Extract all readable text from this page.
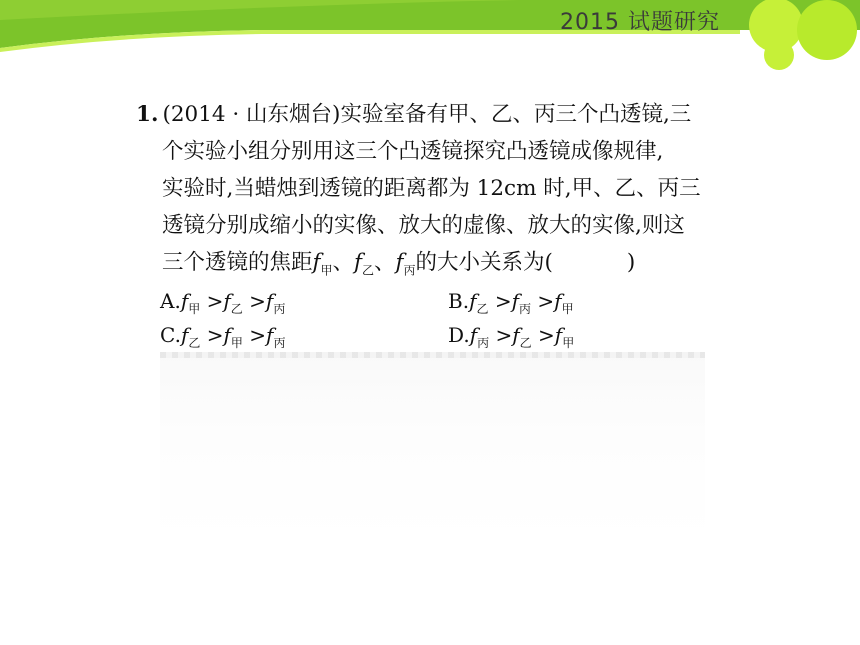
2015 试题研究
1. (2014 · 山东烟台)实验室备有甲、乙、丙三个凸透镜,三
个实验小组分别用这三个凸透镜探究凸透镜成像规律,
实验时,当蜡烛到透镜的距离都为 12cm 时,甲、乙、丙三
透镜分别成缩小的实像、放大的虚像、放大的实像,则这
三个透镜的焦距$f_甲$、$f_乙$、$f_丙$的大小关系为(	)
$A.f_甲 >f_乙 >f_丙$	$B.f_乙 >f_丙 >f_甲$
$C.f_乙 >f_甲 >f_丙$	$D.f_丙 >f_乙 >f_甲$
